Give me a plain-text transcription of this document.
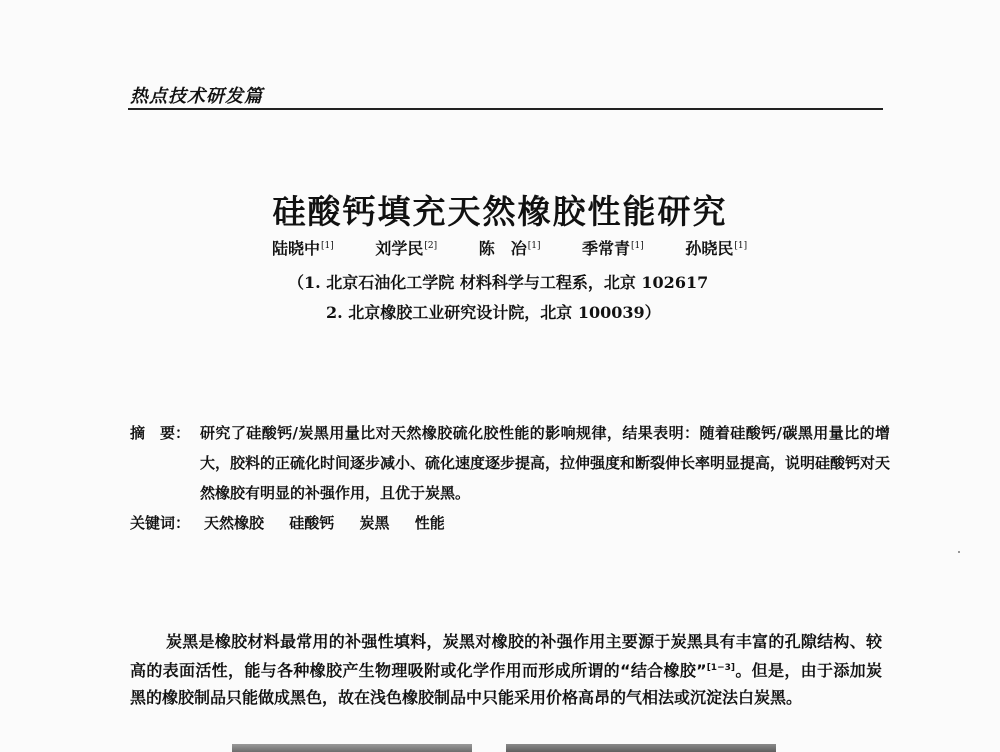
热点技术研发篇
硅酸钙填充天然橡胶性能研究
陆晓中[1]	刘学民[2]	陈　冶[1]	季常青[1]	孙晓民[1]
（1. 北京石油化工学院 材料科学与工程系，北京 102617
2. 北京橡胶工业研究设计院，北京 100039）
摘　要： 研究了硅酸钙/炭黑用量比对天然橡胶硫化胶性能的影响规律，结果表明：随着硅酸钙/碳黑用量比的增大，胶料的正硫化时间逐步减小、硫化速度逐步提高，拉伸强度和断裂伸长率明显提高，说明硅酸钙对天然橡胶有明显的补强作用，且优于炭黑。
关键词： 天然橡胶 硅酸钙 炭黑 性能

炭黑是橡胶材料最常用的补强性填料，炭黑对橡胶的补强作用主要源于炭黑具有丰富的孔隙结构、较高的表面活性，能与各种橡胶产生物理吸附或化学作用而形成所谓的“结合橡胶”[1−3]。但是，由于添加炭黑的橡胶制品只能做成黑色，故在浅色橡胶制品中只能采用价格高昂的气相法或沉淀法白炭黑。
